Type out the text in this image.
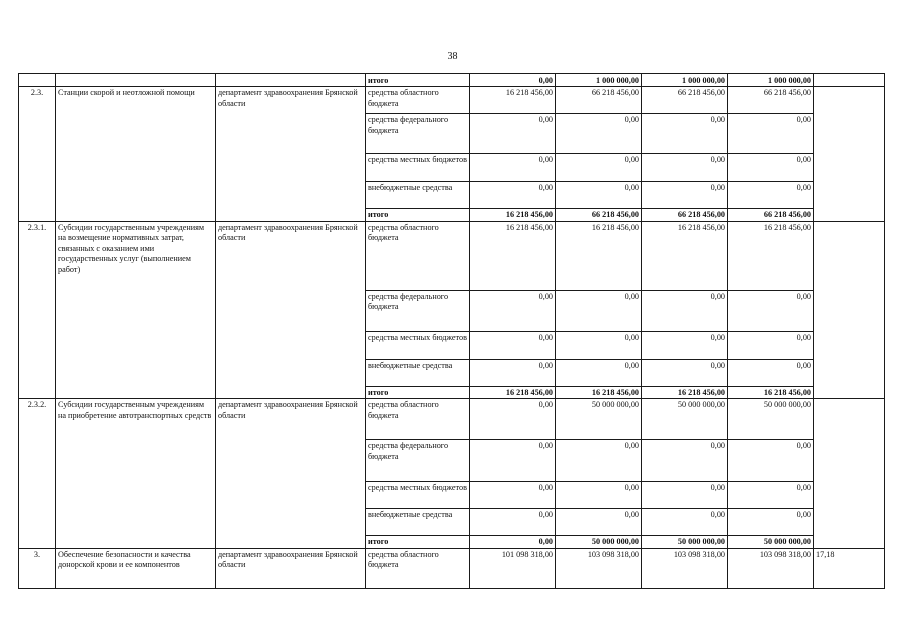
38
			итого	0,00	1 000 000,00	1 000 000,00	1 000 000,00	
2.3.	Станции скорой и неотложной помощи	департамент здравоохранения Брянской области	средства областного бюджета	16 218 456,00	66 218 456,00	66 218 456,00	66 218 456,00	
			средства федерального бюджета	0,00	0,00	0,00	0,00	
			средства местных бюджетов	0,00	0,00	0,00	0,00	
			внебюджетные средства	0,00	0,00	0,00	0,00	
			итого	16 218 456,00	66 218 456,00	66 218 456,00	66 218 456,00	
2.3.1.	Субсидии государственным учреждениям на возмещение нормативных затрат, связанных с оказанием ими государственных услуг (выполнением работ)	департамент здравоохранения Брянской области	средства областного бюджета	16 218 456,00	16 218 456,00	16 218 456,00	16 218 456,00	
			средства федерального бюджета	0,00	0,00	0,00	0,00	
			средства местных бюджетов	0,00	0,00	0,00	0,00	
			внебюджетные средства	0,00	0,00	0,00	0,00	
			итого	16 218 456,00	16 218 456,00	16 218 456,00	16 218 456,00	
2.3.2.	Субсидии государственным учреждениям на приобретение автотранспортных средств	департамент здравоохранения Брянской области	средства областного бюджета	0,00	50 000 000,00	50 000 000,00	50 000 000,00	
			средства федерального бюджета	0,00	0,00	0,00	0,00	
			средства местных бюджетов	0,00	0,00	0,00	0,00	
			внебюджетные средства	0,00	0,00	0,00	0,00	
			итого	0,00	50 000 000,00	50 000 000,00	50 000 000,00	
3.	Обеспечение безопасности и качества донорской крови и ее компонентов	департамент здравоохранения Брянской области	средства областного бюджета	101 098 318,00	103 098 318,00	103 098 318,00	103 098 318,00	17,18
